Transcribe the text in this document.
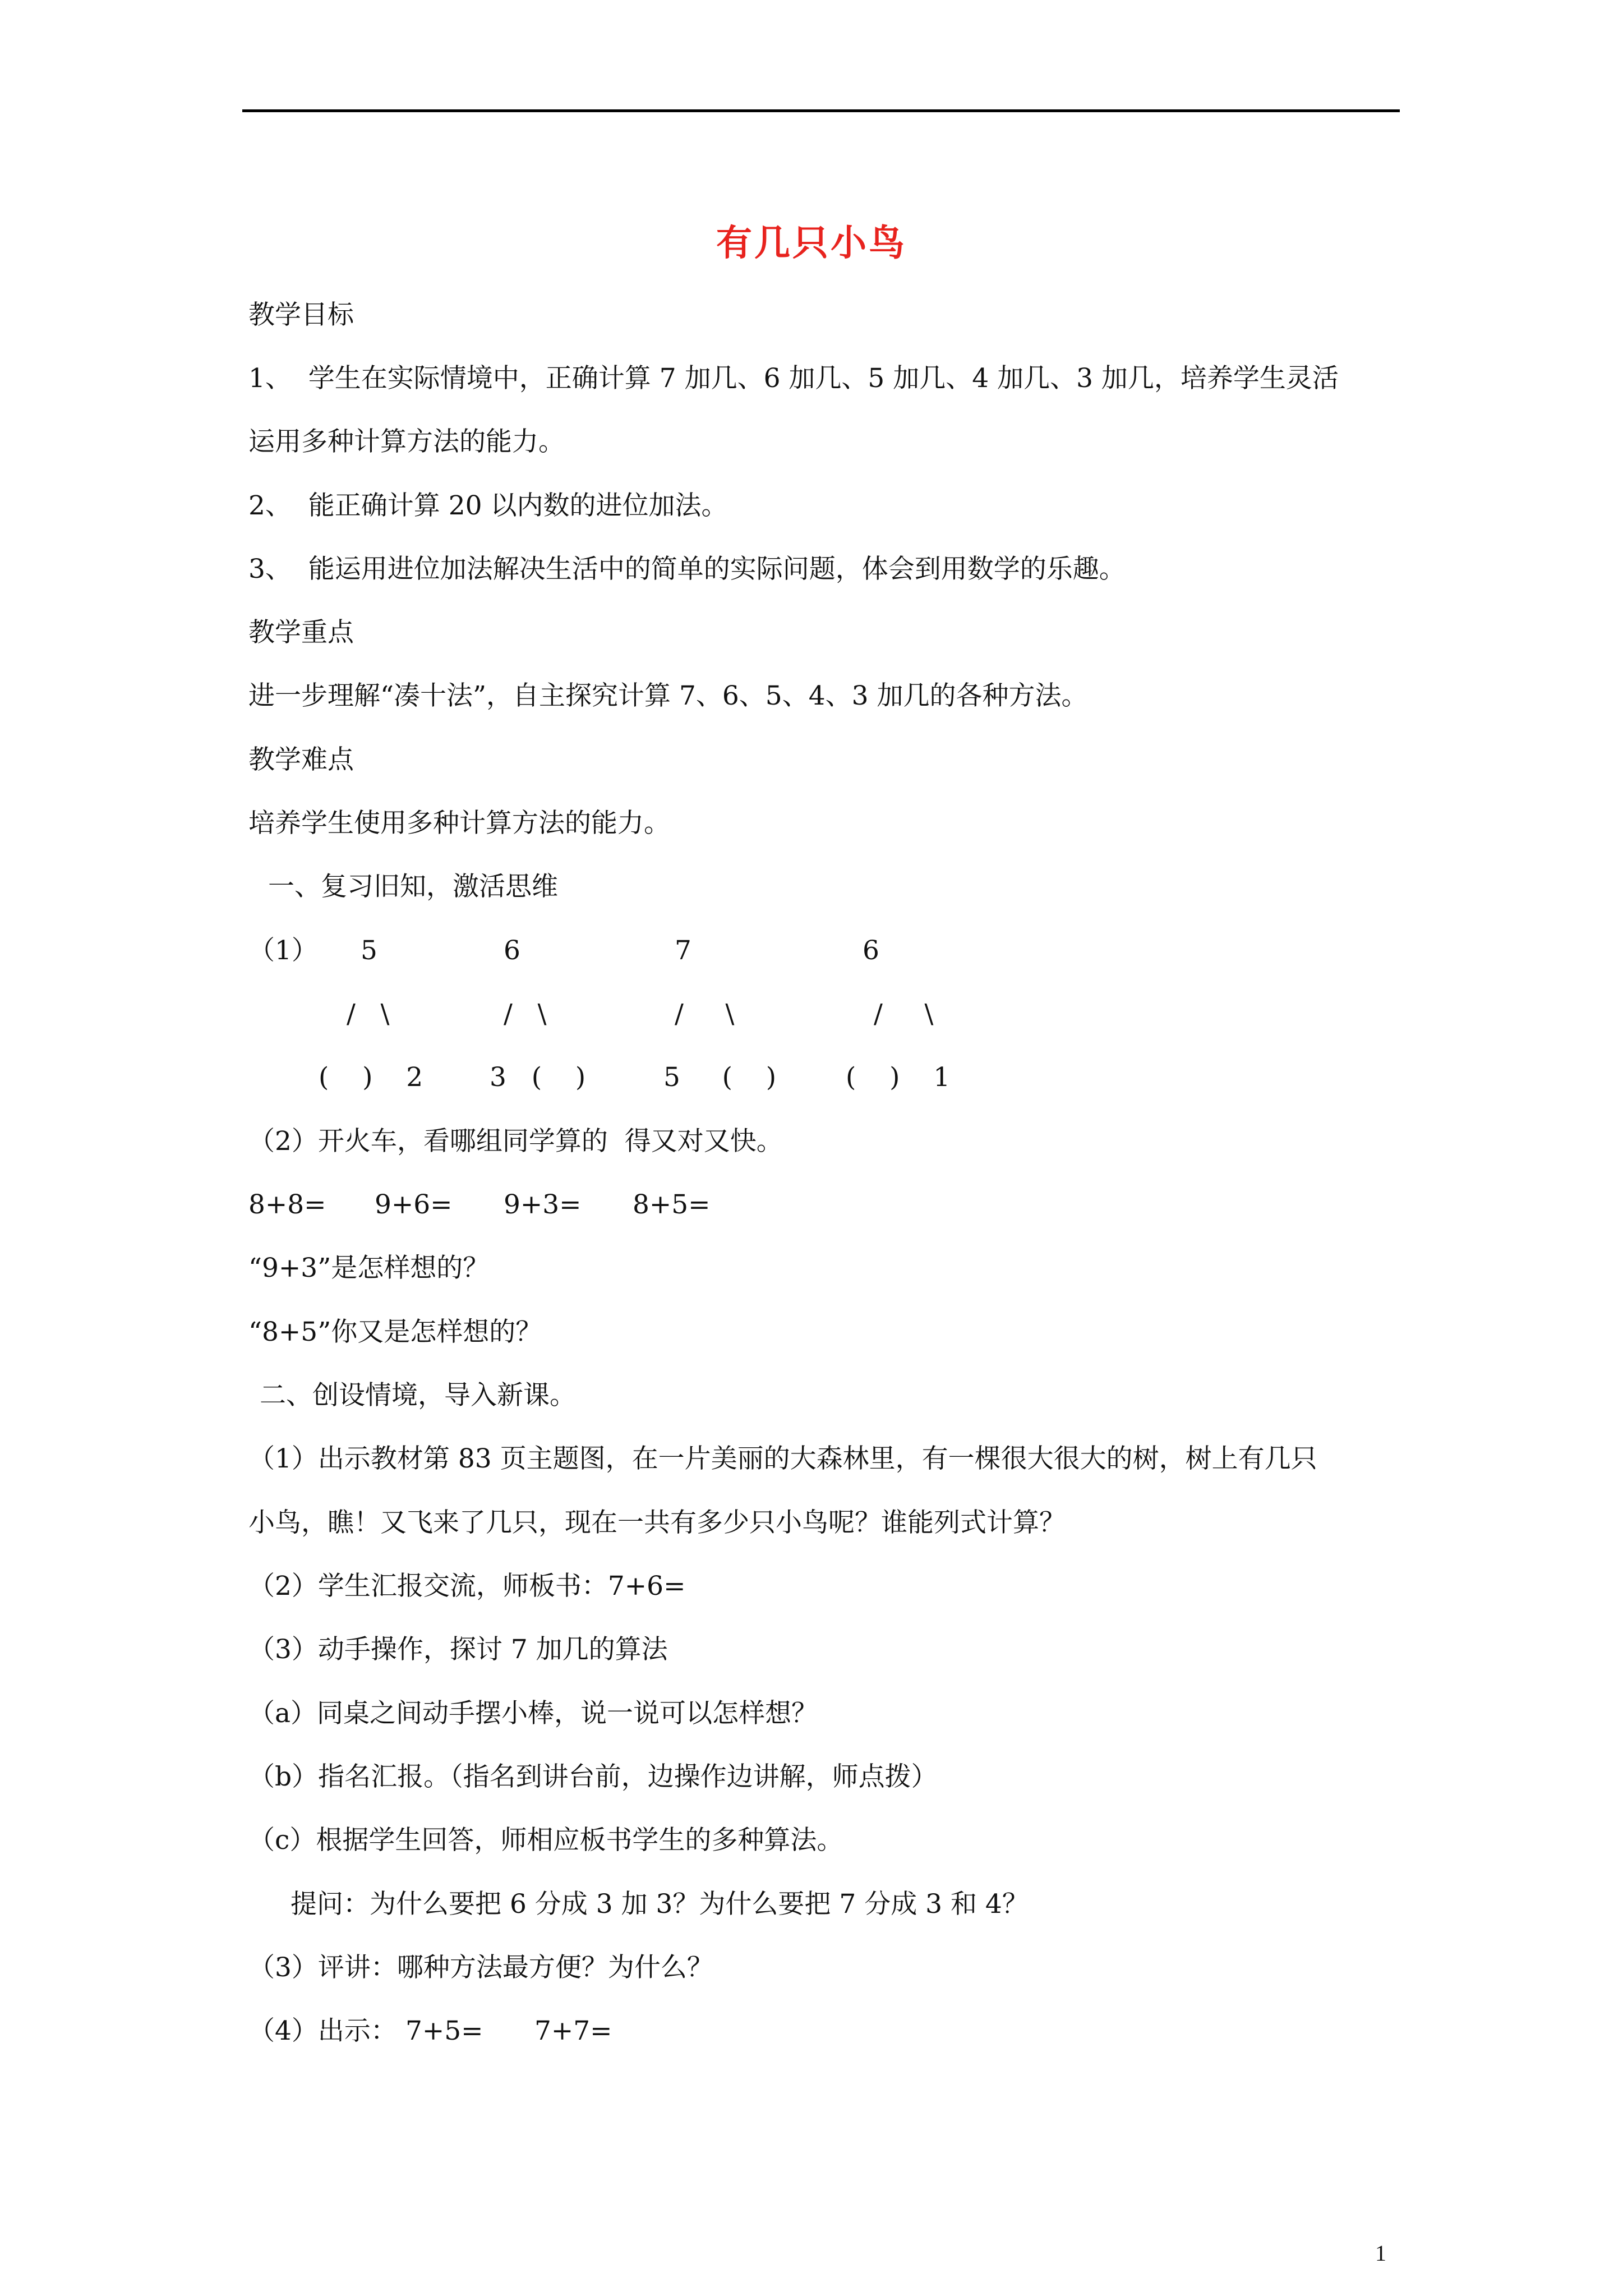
有几只小鸟
教学目标
1、  学生在实际情境中，正确计算 7 加几、6 加几、5 加几、4 加几、3 加几，培养学生灵活
运用多种计算方法的能力。
2、  能正确计算 20 以内数的进位加法。
3、  能运用进位加法解决生活中的简单的实际问题，体会到用数学的乐趣。
教学重点
进一步理解“凑十法”，自主探究计算 7、6、5、4、3 加几的各种方法。
教学难点
培养学生使用多种计算方法的能力。
一、复习旧知，激活思维
（1） 5
/   \
(    )    2
6
/   \
3   (    )
7
/     \
5     (    )
6
/     \
(    )    1
（2）开火车，看哪组同学算的  得又对又快。
8+8= 9+6= 9+3= 8+5=
“9+3”是怎样想的？
“8+5”你又是怎样想的？
二、创设情境，导入新课。
（1）出示教材第 83 页主题图，在一片美丽的大森林里，有一棵很大很大的树，树上有几只
小鸟，瞧！又飞来了几只，现在一共有多少只小鸟呢？谁能列式计算？
（2）学生汇报交流，师板书：7+6=
（3）动手操作，探讨 7 加几的算法
（a）同桌之间动手摆小棒，说一说可以怎样想？
（b）指名汇报。（指名到讲台前，边操作边讲解，师点拨）
（c）根据学生回答，师相应板书学生的多种算法。
提问：为什么要把 6 分成 3 加 3？为什么要把 7 分成 3 和 4？
（3）评讲：哪种方法最方便？为什么？
（4）出示： 7+5= 7+7=
1
